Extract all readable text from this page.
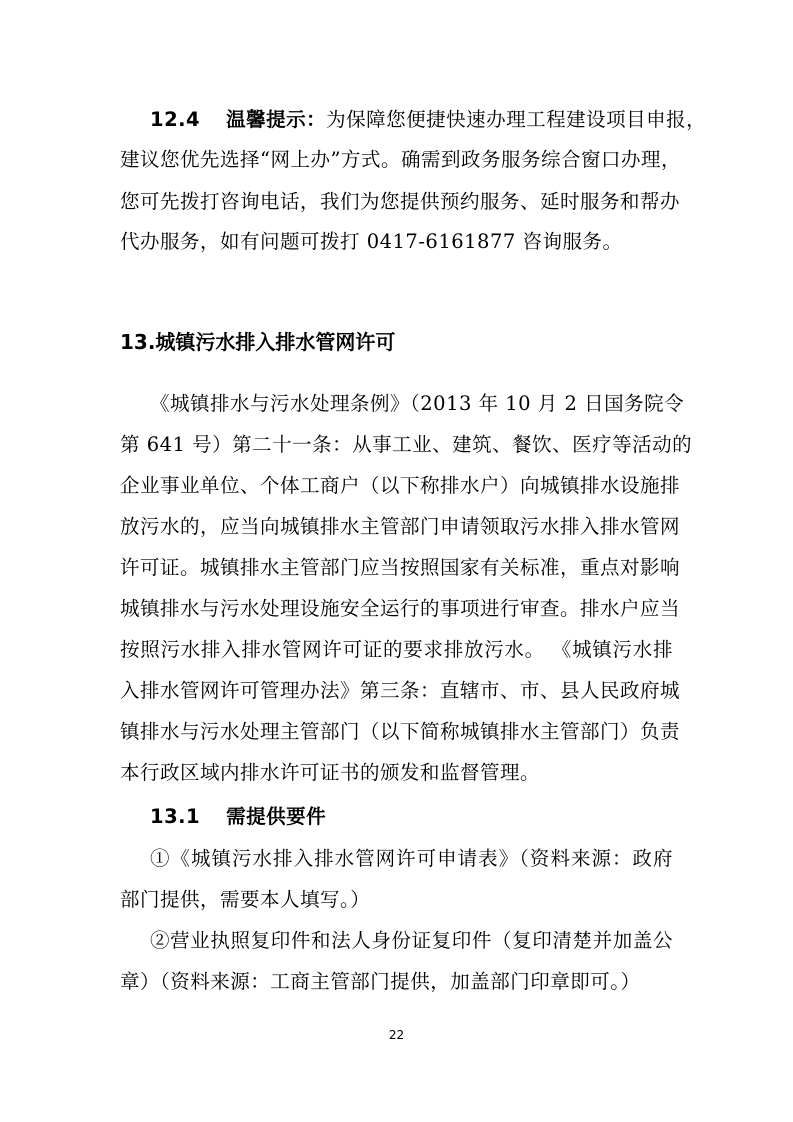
12.4 温馨提示：为保障您便捷快速办理工程建设项目申报，
建议您优先选择“网上办”方式。确需到政务服务综合窗口办理，
您可先拨打咨询电话，我们为您提供预约服务、延时服务和帮办
代办服务，如有问题可拨打 0417-6161877 咨询服务。
13.城镇污水排入排水管网许可
《城镇排水与污水处理条例》（2013 年 10 月 2 日国务院令
第 641 号）第二十一条：从事工业、建筑、餐饮、医疗等活动的
企业事业单位、个体工商户（以下称排水户）向城镇排水设施排
放污水的，应当向城镇排水主管部门申请领取污水排入排水管网
许可证。城镇排水主管部门应当按照国家有关标准，重点对影响
城镇排水与污水处理设施安全运行的事项进行审查。排水户应当
按照污水排入排水管网许可证的要求排放污水。 《城镇污水排
入排水管网许可管理办法》第三条：直辖市、市、县人民政府城
镇排水与污水处理主管部门（以下简称城镇排水主管部门）负责
本行政区域内排水许可证书的颁发和监督管理。
13.1 需提供要件
①《城镇污水排入排水管网许可申请表》（资料来源：政府
部门提供，需要本人填写。）
②营业执照复印件和法人身份证复印件（复印清楚并加盖公
章）（资料来源：工商主管部门提供，加盖部门印章即可。）
22
